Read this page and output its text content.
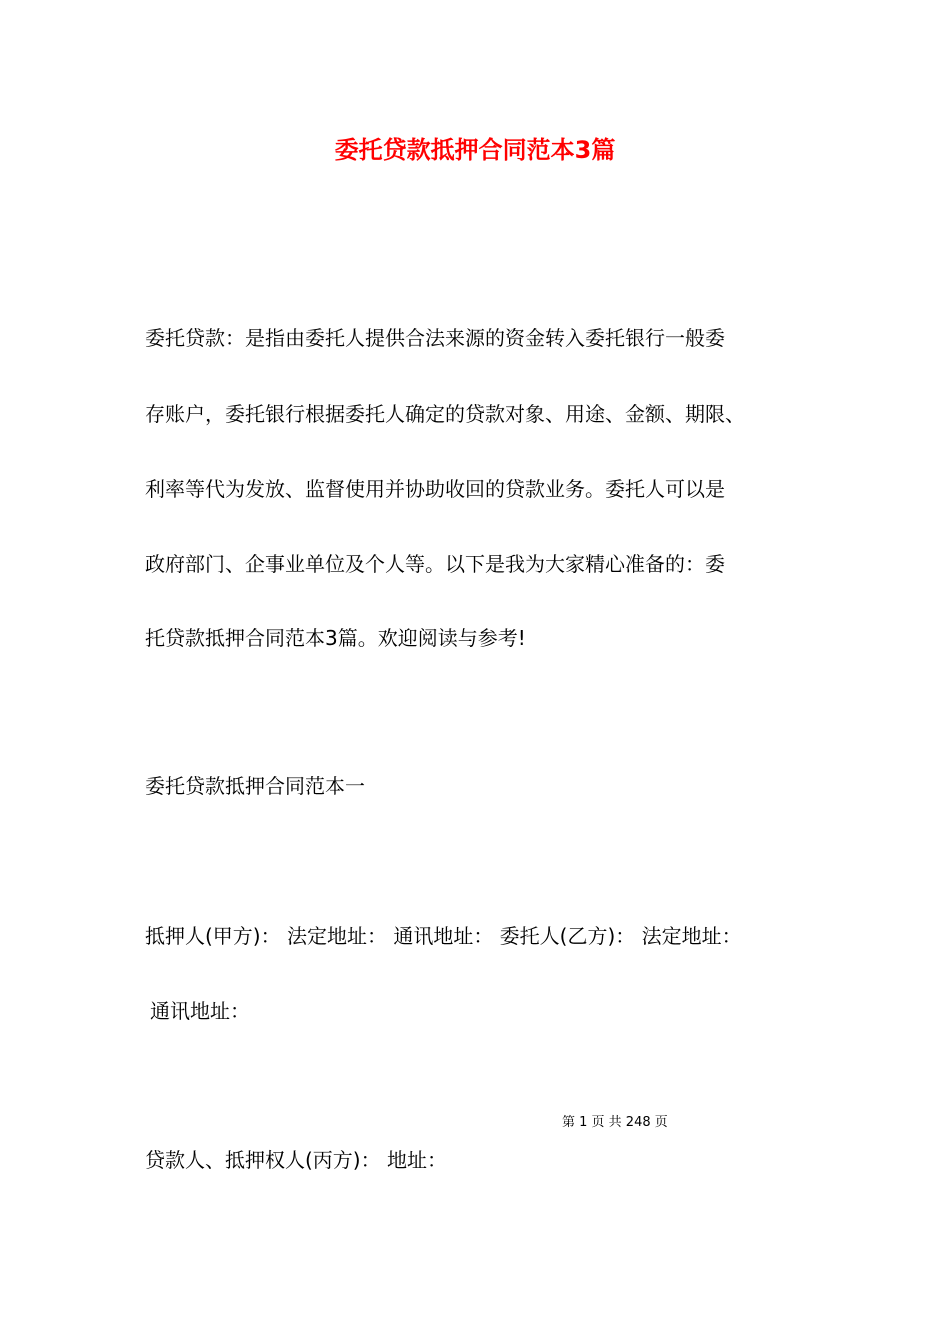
委托贷款抵押合同范本3篇
委托贷款：是指由委托人提供合法来源的资金转入委托银行一般委
存账户，委托银行根据委托人确定的贷款对象、用途、金额、期限、
利率等代为发放、监督使用并协助收回的贷款业务。委托人可以是
政府部门、企事业单位及个人等。以下是我为大家精心准备的：委
托贷款抵押合同范本3篇。欢迎阅读与参考!
委托贷款抵押合同范本一
抵押人(甲方)： 法定地址： 通讯地址： 委托人(乙方)： 法定地址：
通讯地址：
第 1 页 共 248 页
贷款人、抵押权人(丙方)： 地址：
